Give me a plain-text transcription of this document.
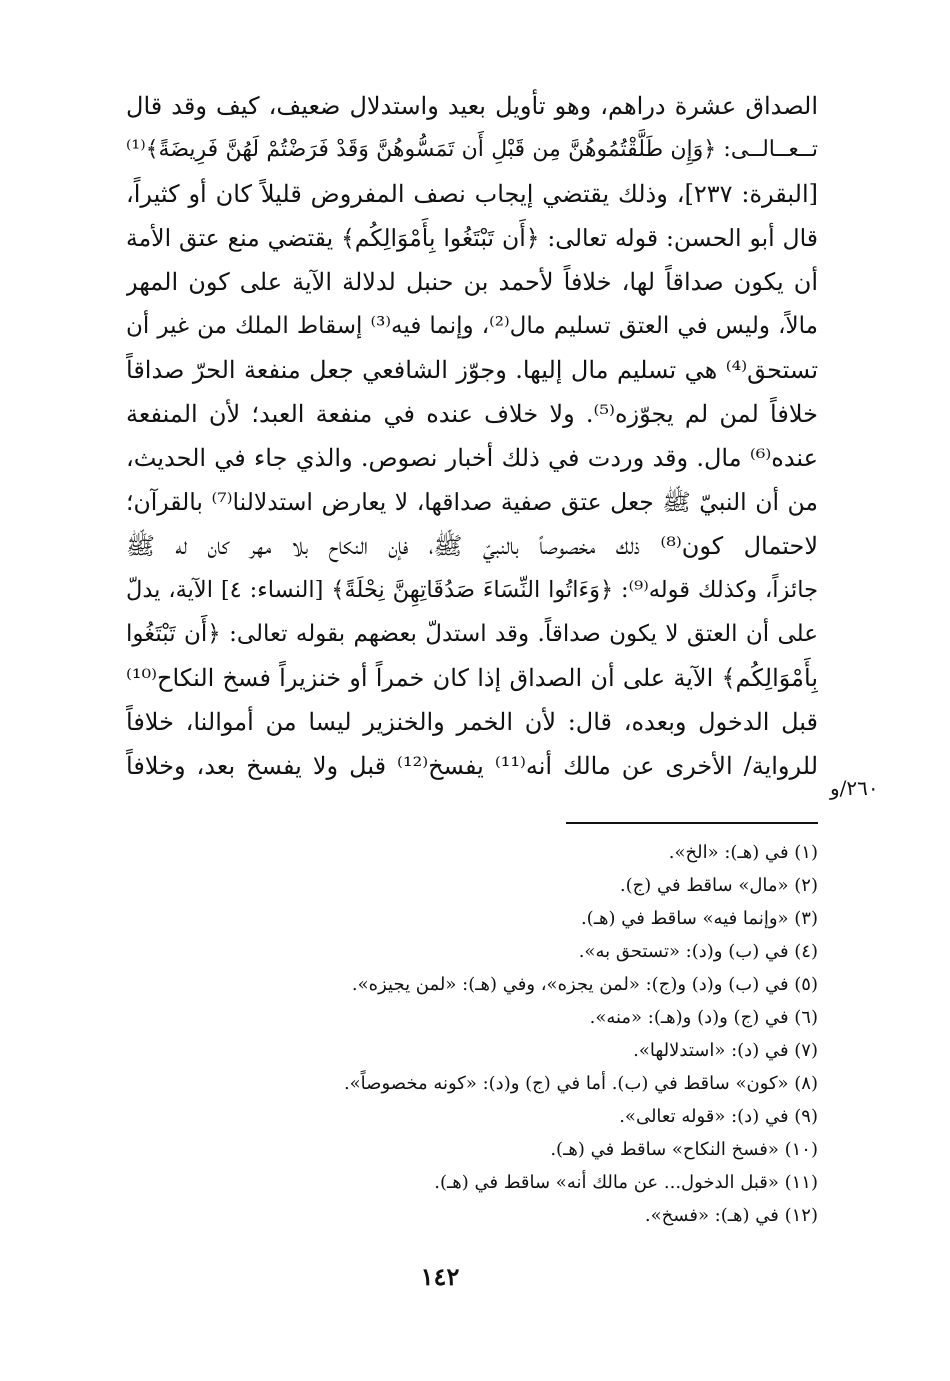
الصداق عشرة دراهم، وهو تأويل بعيد واستدلال ضعيف، كيف وقد قال
تــعــالــى: ﴿وَإِن طَلَّقْتُمُوهُنَّ مِن قَبْلِ أَن تَمَسُّوهُنَّ وَقَدْ فَرَضْتُمْ لَهُنَّ فَرِيضَةً﴾⁽¹⁾
[البقرة: ٢٣٧]، وذلك يقتضي إيجاب نصف المفروض قليلاً كان أو كثيراً،
قال أبو الحسن: قوله تعالى: ﴿أَن تَبْتَغُوا بِأَمْوَالِكُم﴾ يقتضي منع عتق الأمة
أن يكون صداقاً لها، خلافاً لأحمد بن حنبل لدلالة الآية على كون المهر
مالاً، وليس في العتق تسليم مال⁽²⁾، وإنما فيه⁽³⁾ إسقاط الملك من غير أن
تستحق⁽⁴⁾ هي تسليم مال إليها. وجوّز الشافعي جعل منفعة الحرّ صداقاً
خلافاً لمن لم يجوّزه⁽⁵⁾. ولا خلاف عنده في منفعة العبد؛ لأن المنفعة
عنده⁽⁶⁾ مال. وقد وردت في ذلك أخبار نصوص. والذي جاء في الحديث،
من أن النبيّ ﷺ جعل عتق صفية صداقها، لا يعارض استدلالنا⁽⁷⁾ بالقرآن؛
لاحتمال كون⁽⁸⁾ ذلك مخصوصاً بالنبيّ ﷺ، فإن النكاح بلا مهر كان له ﷺ
جائزاً، وكذلك قوله⁽⁹⁾: ﴿وَءَاتُوا النِّسَاءَ صَدُقَاتِهِنَّ نِحْلَةً﴾ [النساء: ٤] الآية، يدلّ
على أن العتق لا يكون صداقاً. وقد استدلّ بعضهم بقوله تعالى: ﴿أَن تَبْتَغُوا
بِأَمْوَالِكُم﴾ الآية على أن الصداق إذا كان خمراً أو خنزيراً فسخ النكاح⁽¹⁰⁾
قبل الدخول وبعده، قال: لأن الخمر والخنزير ليسا من أموالنا، خلافاً
للرواية/ الأخرى عن مالك أنه⁽¹¹⁾ يفسخ⁽¹²⁾ قبل ولا يفسخ بعد، وخلافاً
٢٦٠/و
(١) في (هـ): «الخ».
(٢) «مال» ساقط في (ج).
(٣) «وإنما فيه» ساقط في (هـ).
(٤) في (ب) و(د): «تستحق به».
(٥) في (ب) و(د) و(ج): «لمن يجزه»، وفي (هـ): «لمن يجيزه».
(٦) في (ج) و(د) و(هـ): «منه».
(٧) في (د): «استدلالها».
(٨) «كون» ساقط في (ب). أما في (ج) و(د): «كونه مخصوصاً».
(٩) في (د): «قوله تعالى».
(١٠) «فسخ النكاح» ساقط في (هـ).
(١١) «قبل الدخول... عن مالك أنه» ساقط في (هـ).
(١٢) في (هـ): «فسخ».
١٤٢
